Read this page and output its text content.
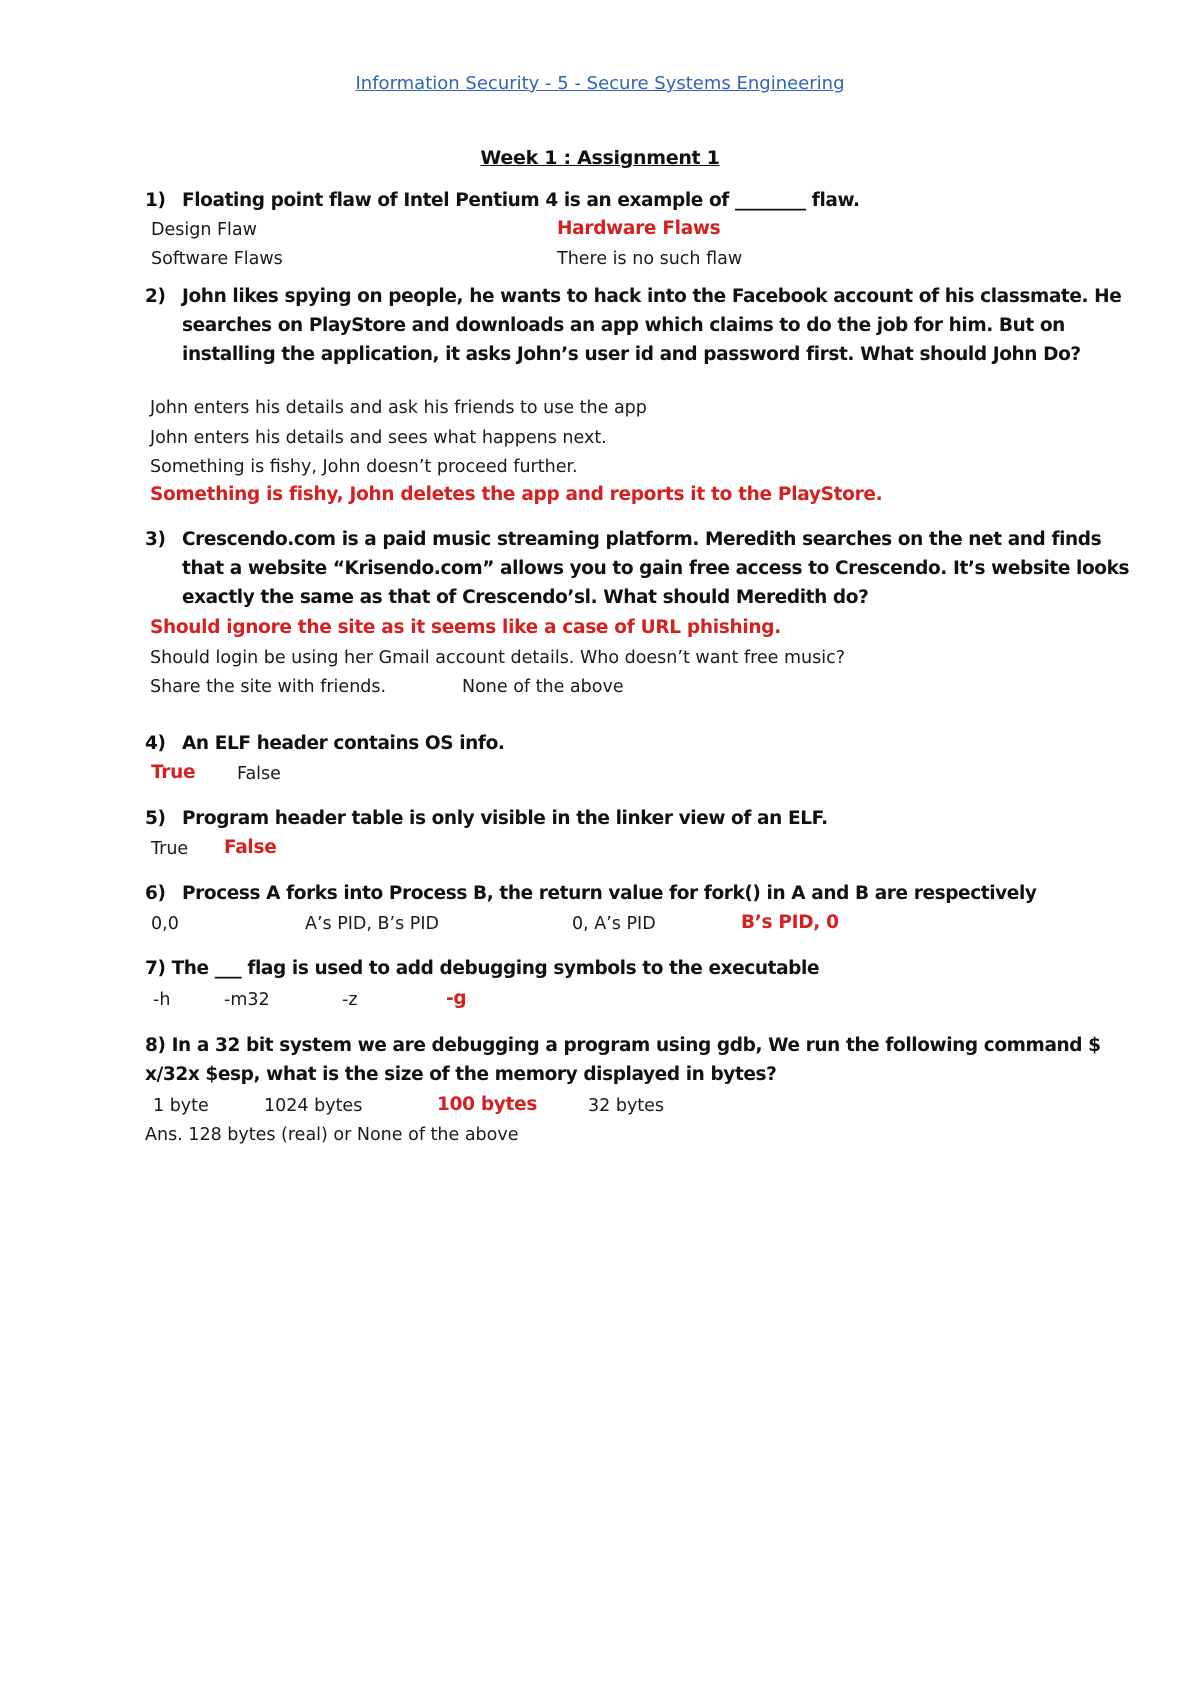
Information Security - 5 - Secure Systems Engineering
Week 1 : Assignment 1
1) Floating point flaw of Intel Pentium 4 is an example of ________ flaw.
Design Flaw	Hardware Flaws
Software Flaws	There is no such flaw
2) John likes spying on people, he wants to hack into the Facebook account of his classmate. He
searches on PlayStore and downloads an app which claims to do the job for him. But on
installing the application, it asks John’s user id and password first. What should John Do?
John enters his details and ask his friends to use the app
John enters his details and sees what happens next.
Something is fishy, John doesn’t proceed further.
Something is fishy, John deletes the app and reports it to the PlayStore.
3) Crescendo.com is a paid music streaming platform. Meredith searches on the net and finds
that a website “Krisendo.com” allows you to gain free access to Crescendo. It’s website looks
exactly the same as that of Crescendo’sl. What should Meredith do?
Should ignore the site as it seems like a case of URL phishing.
Should login be using her Gmail account details. Who doesn’t want free music?
Share the site with friends.	None of the above
4) An ELF header contains OS info.
True False
5) Program header table is only visible in the linker view of an ELF.
True False
6) Process A forks into Process B, the return value for fork() in A and B are respectively
0,0	A’s PID, B’s PID	0, A’s PID	B’s PID, 0
7) The ___ flag is used to add debugging symbols to the executable
-h	-m32	-z	-g
8) In a 32 bit system we are debugging a program using gdb, We run the following command $
x/32x $esp, what is the size of the memory displayed in bytes?
1 byte	1024 bytes	100 bytes	32 bytes
Ans. 128 bytes (real) or None of the above
